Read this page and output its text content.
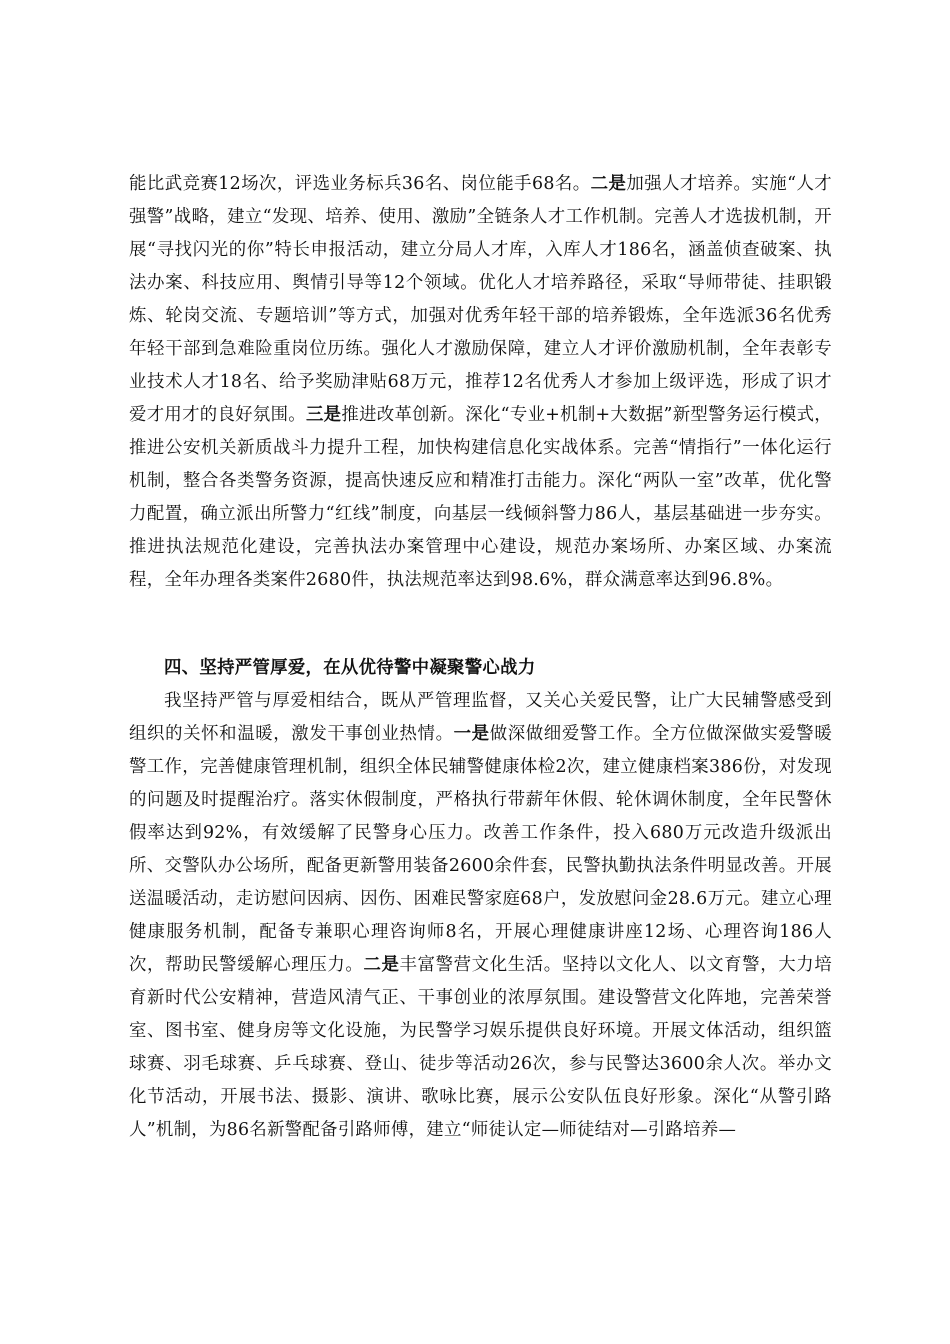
能比武竞赛12场次，评选业务标兵36名、岗位能手68名。二是加强人才培养。实施“人才强警”战略，建立“发现、培养、使用、激励”全链条人才工作机制。完善人才选拔机制，开展“寻找闪光的你”特长申报活动，建立分局人才库，入库人才186名，涵盖侦查破案、执法办案、科技应用、舆情引导等12个领域。优化人才培养路径，采取“导师带徒、挂职锻炼、轮岗交流、专题培训”等方式，加强对优秀年轻干部的培养锻炼，全年选派36名优秀年轻干部到急难险重岗位历练。强化人才激励保障，建立人才评价激励机制，全年表彰专业技术人才18名、给予奖励津贴68万元，推荐12名优秀人才参加上级评选，形成了识才爱才用才的良好氛围。三是推进改革创新。深化“专业+机制+大数据”新型警务运行模式，推进公安机关新质战斗力提升工程，加快构建信息化实战体系。完善“情指行”一体化运行机制，整合各类警务资源，提高快速反应和精准打击能力。深化“两队一室”改革，优化警力配置，确立派出所警力“红线”制度，向基层一线倾斜警力86人，基层基础进一步夯实。推进执法规范化建设，完善执法办案管理中心建设，规范办案场所、办案区域、办案流程，全年办理各类案件2680件，执法规范率达到98.6%，群众满意率达到96.8%。

四、坚持严管厚爱，在从优待警中凝聚警心战力

我坚持严管与厚爱相结合，既从严管理监督，又关心关爱民警，让广大民辅警感受到组织的关怀和温暖，激发干事创业热情。一是做深做细爱警工作。全方位做深做实爱警暖警工作，完善健康管理机制，组织全体民辅警健康体检2次，建立健康档案386份，对发现的问题及时提醒治疗。落实休假制度，严格执行带薪年休假、轮休调休制度，全年民警休假率达到92%，有效缓解了民警身心压力。改善工作条件，投入680万元改造升级派出所、交警队办公场所，配备更新警用装备2600余件套，民警执勤执法条件明显改善。开展送温暖活动，走访慰问因病、因伤、困难民警家庭68户，发放慰问金28.6万元。建立心理健康服务机制，配备专兼职心理咨询师8名，开展心理健康讲座12场、心理咨询186人次，帮助民警缓解心理压力。二是丰富警营文化生活。坚持以文化人、以文育警，大力培育新时代公安精神，营造风清气正、干事创业的浓厚氛围。建设警营文化阵地，完善荣誉室、图书室、健身房等文化设施，为民警学习娱乐提供良好环境。开展文体活动，组织篮球赛、羽毛球赛、乒乓球赛、登山、徒步等活动26次，参与民警达3600余人次。举办文化节活动，开展书法、摄影、演讲、歌咏比赛，展示公安队伍良好形象。深化“从警引路人”机制，为86名新警配备引路师傅，建立“师徒认定—师徒结对—引路培养—
